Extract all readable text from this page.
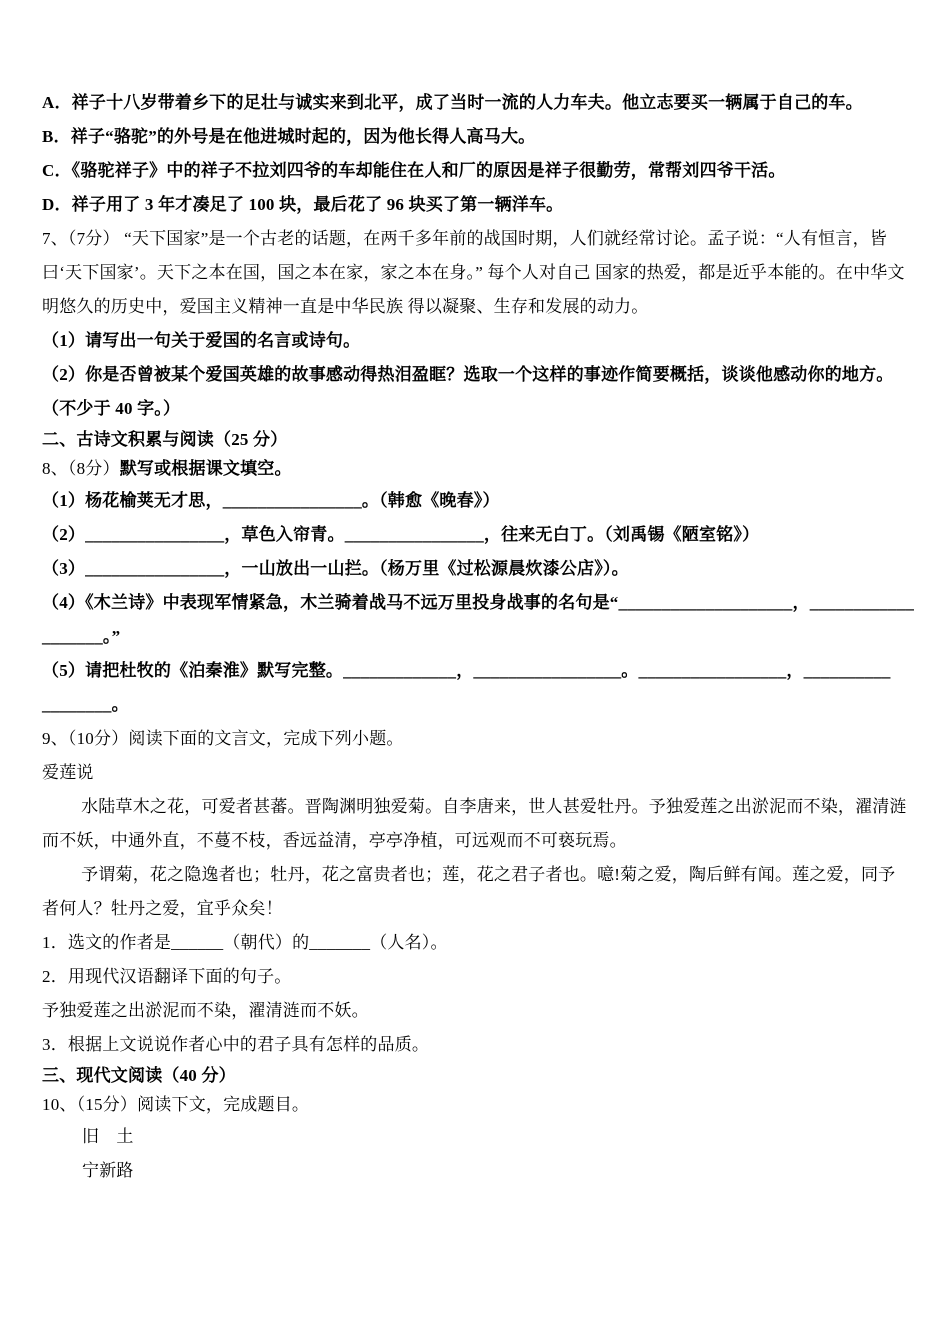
A．祥子十八岁带着乡下的足壮与诚实来到北平，成了当时一流的人力车夫。他立志要买一辆属于自己的车。

B．祥子“骆驼”的外号是在他进城时起的，因为他长得人高马大。

C．《骆驼祥子》中的祥子不拉刘四爷的车却能住在人和厂的原因是祥子很勤劳，常帮刘四爷干活。

D．祥子用了 3 年才凑足了 100 块，最后花了 96 块买了第一辆洋车。

7、（7分） “天下国家”是一个古老的话题，在两千多年前的战国时期，人们就经常讨论。孟子说：“人有恒言，皆曰‘天下国家’。天下之本在国，国之本在家，家之本在身。” 每个人对自己 国家的热爱，都是近乎本能的。在中华文明悠久的历史中，爱国主义精神一直是中华民族 得以凝聚、生存和发展的动力。

（1）请写出一句关于爱国的名言或诗句。

（2）你是否曾被某个爱国英雄的故事感动得热泪盈眶？选取一个这样的事迹作简要概括，谈谈他感动你的地方。（不少于 40 字。）

二、古诗文积累与阅读（25 分）

8、（8分）默写或根据课文填空。

（1）杨花榆荚无才思，________________。（韩愈《晚春》）

（2）________________，草色入帘青。________________，往来无白丁。（刘禹锡《陋室铭》）

（3）________________，一山放出一山拦。（杨万里《过松源晨炊漆公店》）。

（4）《木兰诗》中表现军情紧急，木兰骑着战马不远万里投身战事的名句是“____________________，____________

_______。”

（5）请把杜牧的《泊秦淮》默写完整。_____________，_________________。_________________，__________

________。

9、（10分）阅读下面的文言文，完成下列小题。

爱莲说

水陆草木之花，可爱者甚蕃。晋陶渊明独爱菊。自李唐来，世人甚爱牡丹。予独爱莲之出淤泥而不染，濯清涟而不妖，中通外直，不蔓不枝，香远益清，亭亭净植，可远观而不可亵玩焉。

予谓菊，花之隐逸者也；牡丹，花之富贵者也；莲，花之君子者也。噫!菊之爱，陶后鲜有闻。莲之爱，同予者何人？牡丹之爱，宜乎众矣！

1．选文的作者是______（朝代）的_______（人名）。

2．用现代汉语翻译下面的句子。

予独爱莲之出淤泥而不染，濯清涟而不妖。

3．根据上文说说作者心中的君子具有怎样的品质。

三、现代文阅读（40 分）

10、（15分）阅读下文，完成题目。

旧　土

宁新路
